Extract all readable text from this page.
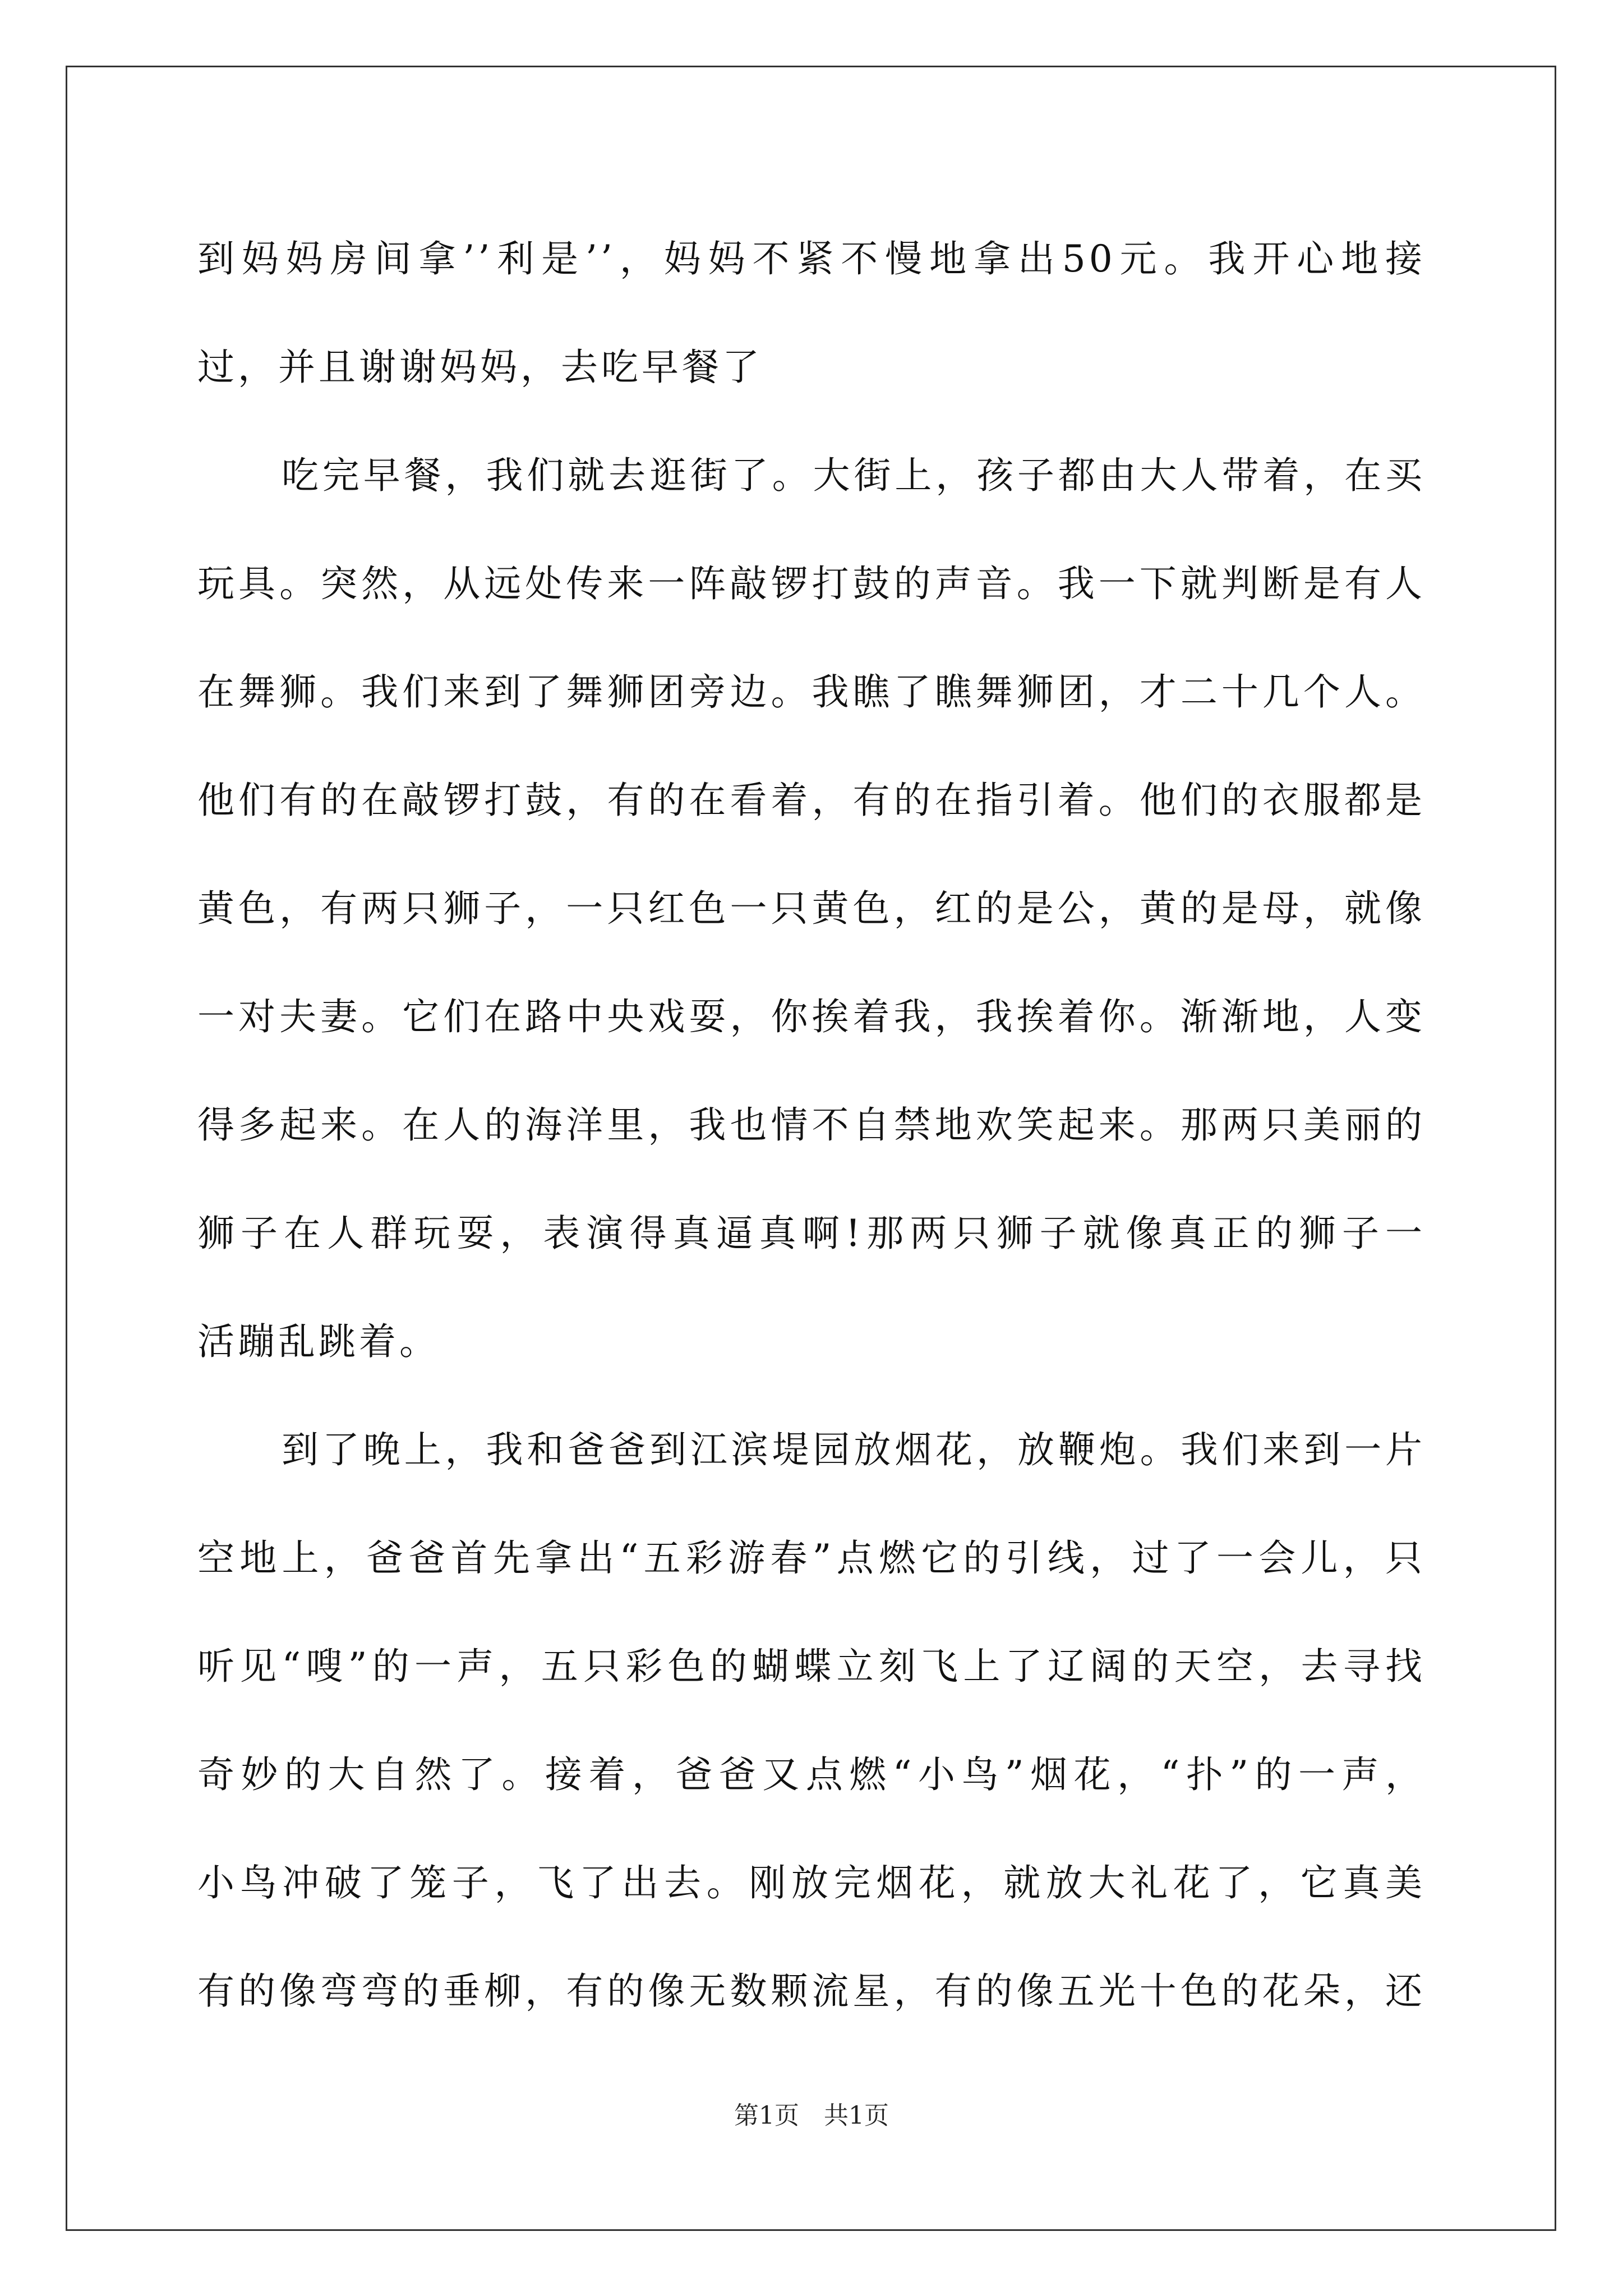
到妈妈房间拿’’利是’’，妈妈不紧不慢地拿出50元。我开心地接
过，并且谢谢妈妈，去吃早餐了
吃完早餐，我们就去逛街了。大街上，孩子都由大人带着，在买
玩具。突然，从远处传来一阵敲锣打鼓的声音。我一下就判断是有人
在舞狮。我们来到了舞狮团旁边。我瞧了瞧舞狮团，才二十几个人。
他们有的在敲锣打鼓，有的在看着，有的在指引着。他们的衣服都是
黄色，有两只狮子，一只红色一只黄色，红的是公，黄的是母，就像
一对夫妻。它们在路中央戏耍，你挨着我，我挨着你。渐渐地，人变
得多起来。在人的海洋里，我也情不自禁地欢笑起来。那两只美丽的
狮子在人群玩耍，表演得真逼真啊!那两只狮子就像真正的狮子一
活蹦乱跳着。
到了晚上，我和爸爸到江滨堤园放烟花，放鞭炮。我们来到一片
空地上，爸爸首先拿出“五彩游春”点燃它的引线，过了一会儿，只
听见“嗖”的一声，五只彩色的蝴蝶立刻飞上了辽阔的天空，去寻找
奇妙的大自然了。接着，爸爸又点燃“小鸟”烟花，“扑”的一声，
小鸟冲破了笼子，飞了出去。刚放完烟花，就放大礼花了，它真美
有的像弯弯的垂柳，有的像无数颗流星，有的像五光十色的花朵，还
第1页　共1页
